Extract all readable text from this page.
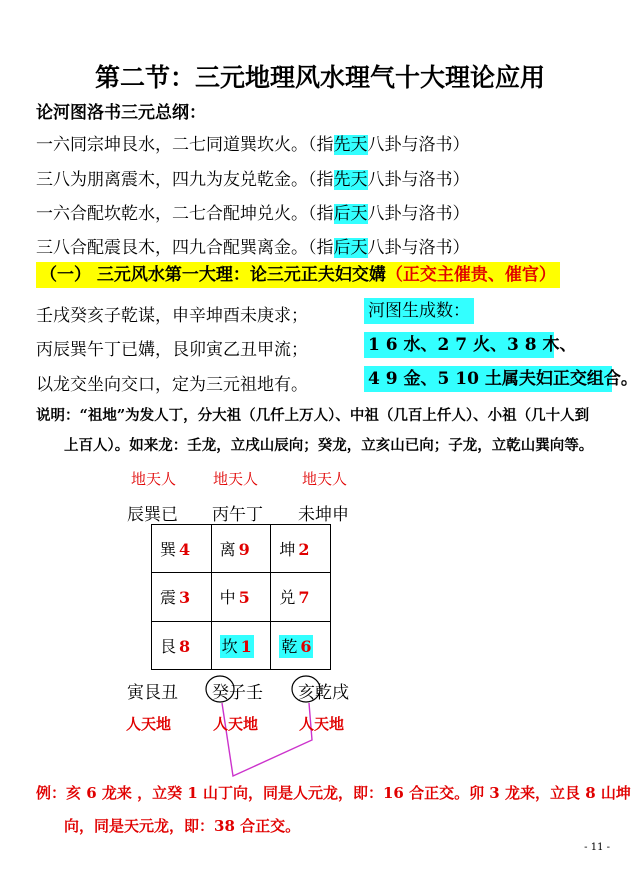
第二节：三元地理风水理气十大理论应用
论河图洛书三元总纲：
一六同宗坤艮水，二七同道巽坎火。（指先天八卦与洛书）
三八为朋离震木，四九为友兑乾金。（指先天八卦与洛书）
一六合配坎乾水，二七合配坤兑火。（指后天八卦与洛书）
三八合配震艮木，四九合配巽离金。（指后天八卦与洛书）
（一） 三元风水第一大理：论三元正夫妇交媾（正交主催贵、催官）
壬戌癸亥子乾谋，申辛坤酉未庚求；
丙辰巽午丁已媾，艮卯寅乙丑甲流；
以龙交坐向交口，定为三元祖地有。
河图生成数：
1 6 水、2 7 火、3 8 木、
4 9 金、5 10 土属夫妇正交组合。
说明：“祖地”为发人丁，分大祖（几仟上万人）、中祖（几百上仟人）、小祖（几十人到
上百人）。如来龙：壬龙，立戌山辰向；癸龙，立亥山已向；子龙，立乾山巽向等。
地天人 地天人	地天人
辰巽已 丙午丁 未坤申
巽 4	离 9	坤 2
震 3	中 5	兑 7
艮 8	坎 1	乾 6
寅艮丑 癸子壬 亥乾戌
人天地	人天地	人天地
例：亥 6 龙来 ，立癸 1 山丁向，同是人元龙，即：16 合正交。卯 3 龙来，立艮 8 山坤
向，同是天元龙，即：38 合正交。
- 11 -
